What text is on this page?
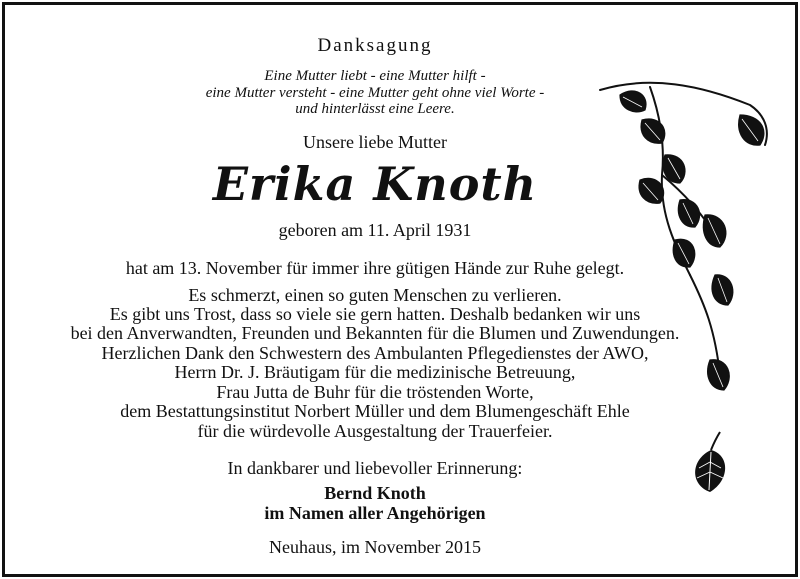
Danksagung
Eine Mutter liebt - eine Mutter hilft -
eine Mutter versteht - eine Mutter geht ohne viel Worte -
und hinterlässt eine Leere.
Unsere liebe Mutter
Erika Knoth
geboren am 11. April 1931
hat am 13. November für immer ihre gütigen Hände zur Ruhe gelegt.
Es schmerzt, einen so guten Menschen zu verlieren.
Es gibt uns Trost, dass so viele sie gern hatten. Deshalb bedanken wir uns
bei den Anverwandten, Freunden und Bekannten für die Blumen und Zuwendungen.
Herzlichen Dank den Schwestern des Ambulanten Pflegedienstes der AWO,
Herrn Dr. J. Bräutigam für die medizinische Betreuung,
Frau Jutta de Buhr für die tröstenden Worte,
dem Bestattungsinstitut Norbert Müller und dem Blumengeschäft Ehle
für die würdevolle Ausgestaltung der Trauerfeier.
In dankbarer und liebevoller Erinnerung:
Bernd Knoth
im Namen aller Angehörigen
Neuhaus, im November 2015
